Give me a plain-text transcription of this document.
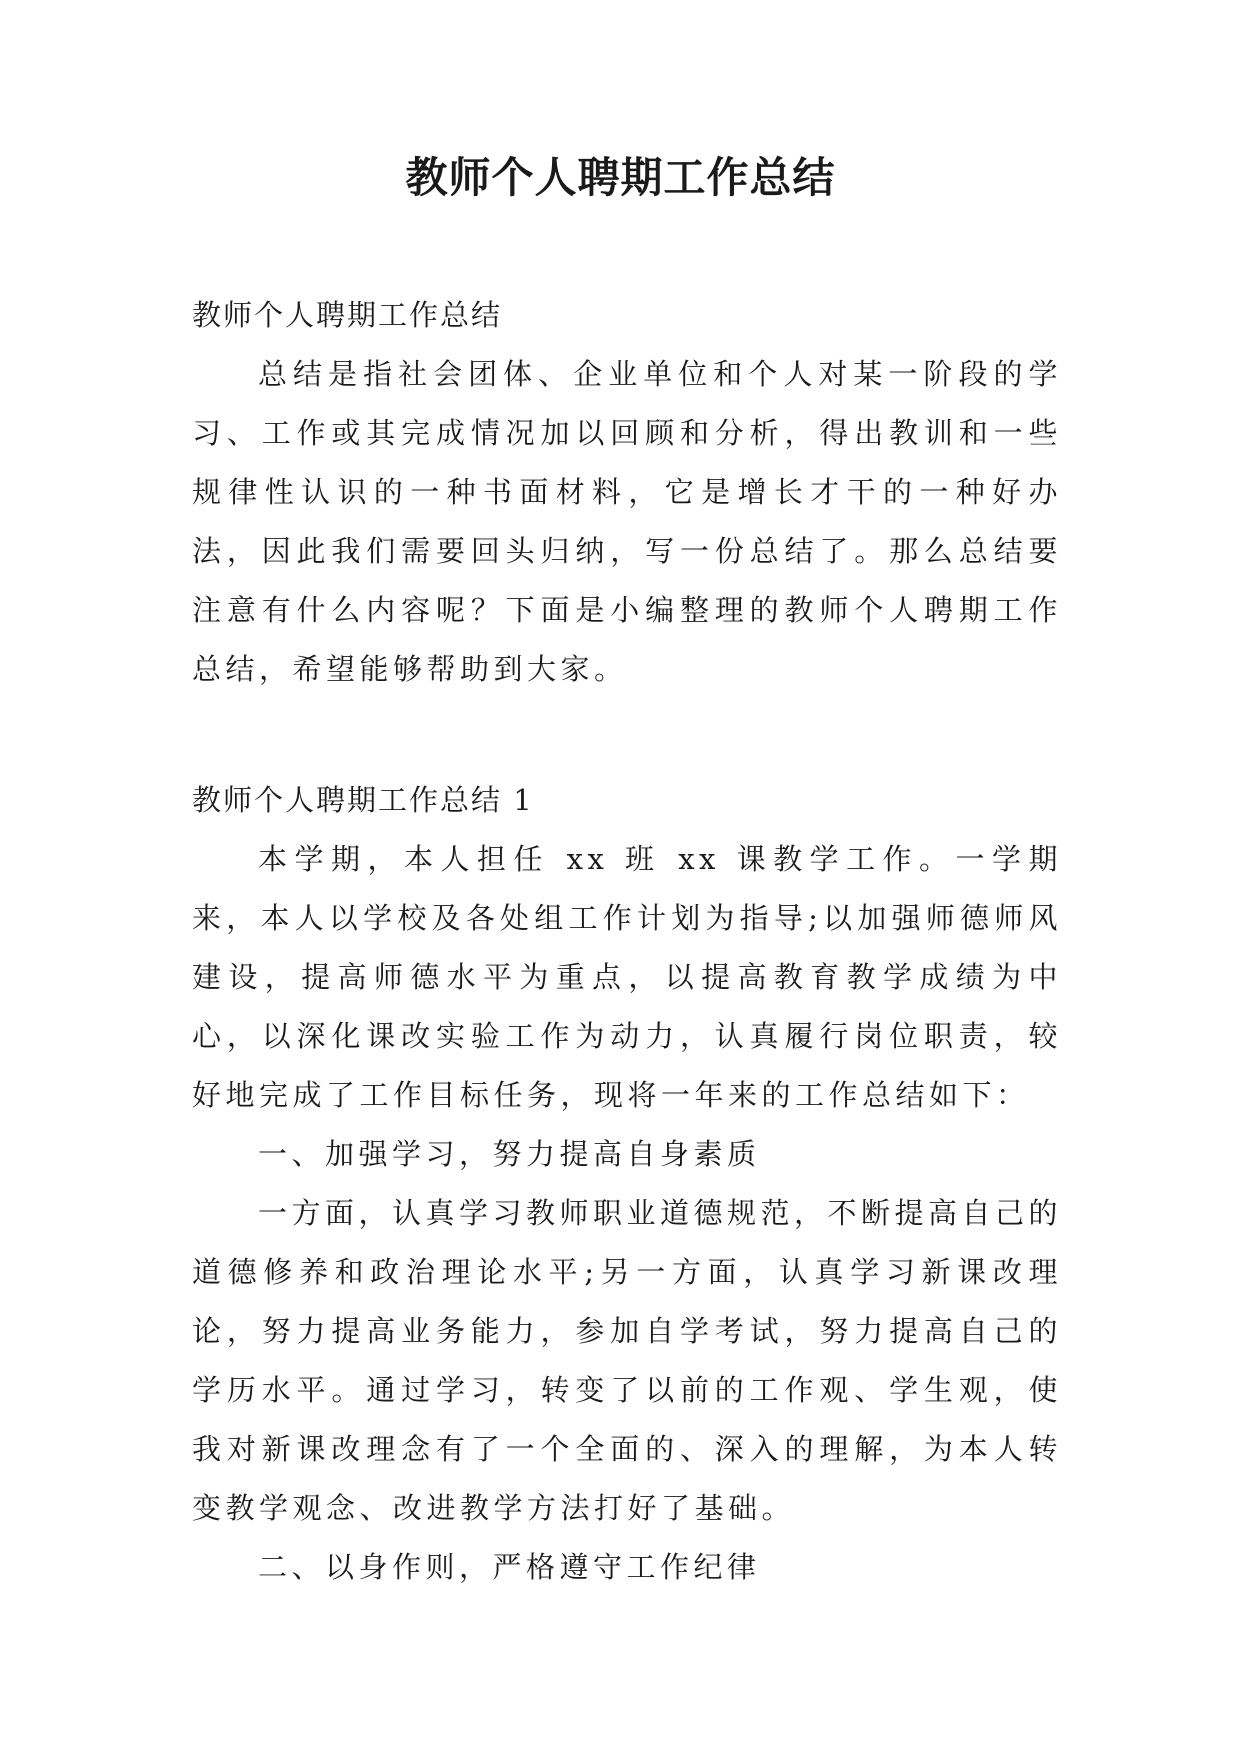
教师个人聘期工作总结

教师个人聘期工作总结

总结是指社会团体、企业单位和个人对某一阶段的学习、工作或其完成情况加以回顾和分析，得出教训和一些规律性认识的一种书面材料，它是增长才干的一种好办法，因此我们需要回头归纳，写一份总结了。那么总结要注意有什么内容呢？下面是小编整理的教师个人聘期工作总结，希望能够帮助到大家。

教师个人聘期工作总结 1

本学期，本人担任 xx 班 xx 课教学工作。一学期来，本人以学校及各处组工作计划为指导;以加强师德师风建设，提高师德水平为重点，以提高教育教学成绩为中心，以深化课改实验工作为动力，认真履行岗位职责，较好地完成了工作目标任务，现将一年来的工作总结如下：

一、加强学习，努力提高自身素质

一方面，认真学习教师职业道德规范，不断提高自己的道德修养和政治理论水平;另一方面，认真学习新课改理论，努力提高业务能力，参加自学考试，努力提高自己的学历水平。通过学习，转变了以前的工作观、学生观，使我对新课改理念有了一个全面的、深入的理解，为本人转变教学观念、改进教学方法打好了基础。

二、以身作则，严格遵守工作纪律
